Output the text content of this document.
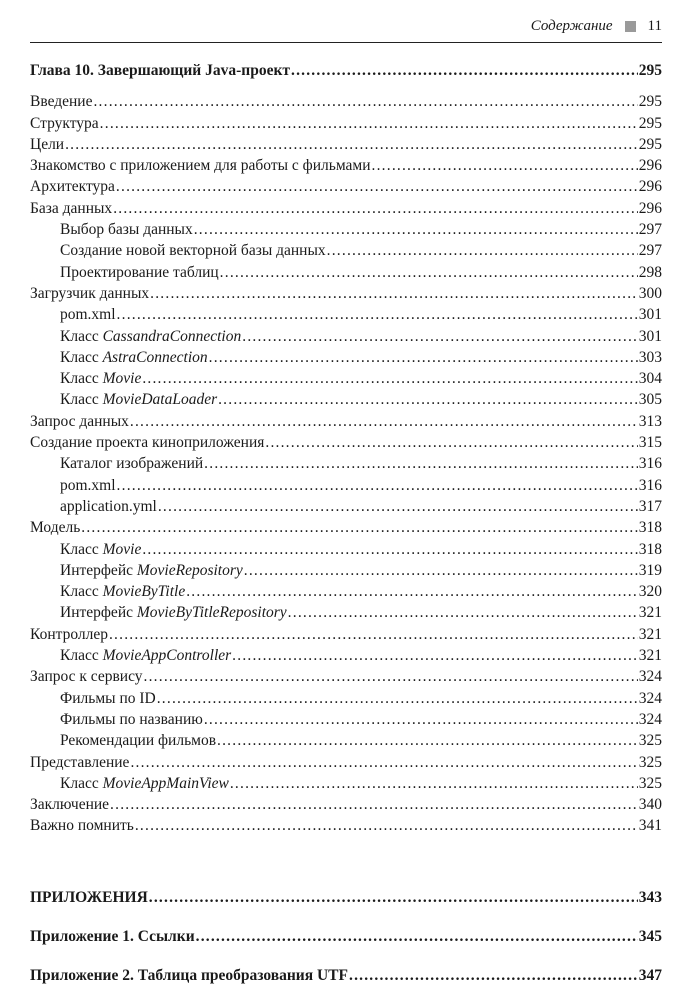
Содержание 11
Глава 10. Завершающий Java-проект .....	295
Введение .....	295
Структура .....	295
Цели .....	295
Знакомство с приложением для работы с фильмами .....	296
Архитектура .....	296
База данных .....	296
Выбор базы данных .....	297
Создание новой векторной базы данных .....	297
Проектирование таблиц .....	298
Загрузчик данных .....	300
pom.xml .....	301
Класс CassandraConnection .....	301
Класс AstraConnection .....	303
Класс Movie .....	304
Класс MovieDataLoader .....	305
Запрос данных .....	313
Создание проекта киноприложения .....	315
Каталог изображений .....	316
pom.xml .....	316
application.yml .....	317
Модель .....	318
Класс Movie .....	318
Интерфейс MovieRepository .....	319
Класс MovieByTitle .....	320
Интерфейс MovieByTitleRepository .....	321
Контроллер .....	321
Класс MovieAppController .....	321
Запрос к сервису .....	324
Фильмы по ID .....	324
Фильмы по названию .....	324
Рекомендации фильмов .....	325
Представление .....	325
Класс MovieAppMainView .....	325
Заключение .....	340
Важно помнить .....	341
ПРИЛОЖЕНИЯ .....	343
Приложение 1. Ссылки .....	345
Приложение 2. Таблица преобразования UTF .....	347
